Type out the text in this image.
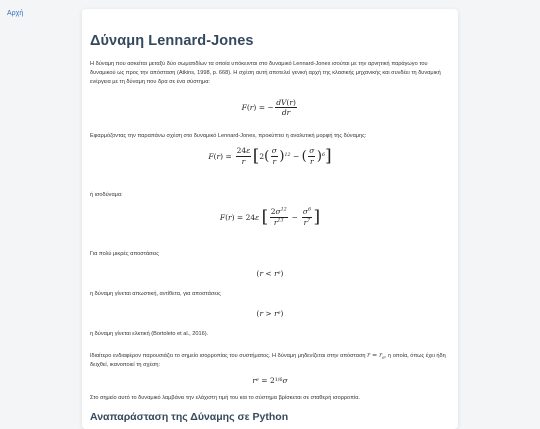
Αρχή
Δύναμη Lennard-Jones

Η δύναμη που ασκείται μεταξύ δύο σωματιδίων τα οποία υπόκεινται στο δυναμικό Lennard-Jones ισούται με την αρνητική παράγωγο του δυναμικού ως προς την απόσταση (Atkins, 1998, p. 668). Η σχέση αυτή αποτελεί γενική αρχή της κλασικής μηχανικής και συνδέει τη δυναμική ενέργεια με τη δύναμη που δρα σε ένα σύστημα:

F ( r )
=
− $\frac{dV(r)}{dr}$

Εφαρμόζοντας την παραπάνω σχέση στο δυναμικό Lennard-Jones, προκύπτει η αναλυτική μορφή της δύναμης:

F ( r )
=
$\frac{24\varepsilon}{r}$ [ 2 ( $\frac{\sigma}{r}$ ) 12
−
( $\frac{\sigma}{r}$ ) 6 ]

ή ισοδύναμα:

F ( r )
=
24 ε [ $\frac{2\sigma^{12}}{r^{13}}$
−
$\frac{\sigma^6}{r^7}$ ]

Για πολύ μικρές αποστάσεις

( r < r e )

η δύναμη γίνεται απωστική, αντίθετα, για αποστάσεις

( r > r e )

η δύναμη γίνεται ελκτική (Bortoleto et al., 2016).

Ιδιαίτερο ενδιαφέρον παρουσιάζει το σημείο ισορροπίας του συστήματος. Η δύναμη μηδενίζεται στην απόσταση $r = r_e$, η οποία, όπως έχει ήδη δειχθεί, ικανοποιεί τη σχέση:

r e
=
2 1/6 σ

Στο σημείο αυτό το δυναμικό λαμβάνει την ελάχιστη τιμή του και το σύστημα βρίσκεται σε σταθερή ισορροπία.

Αναπαράσταση της Δύναμης σε Python
